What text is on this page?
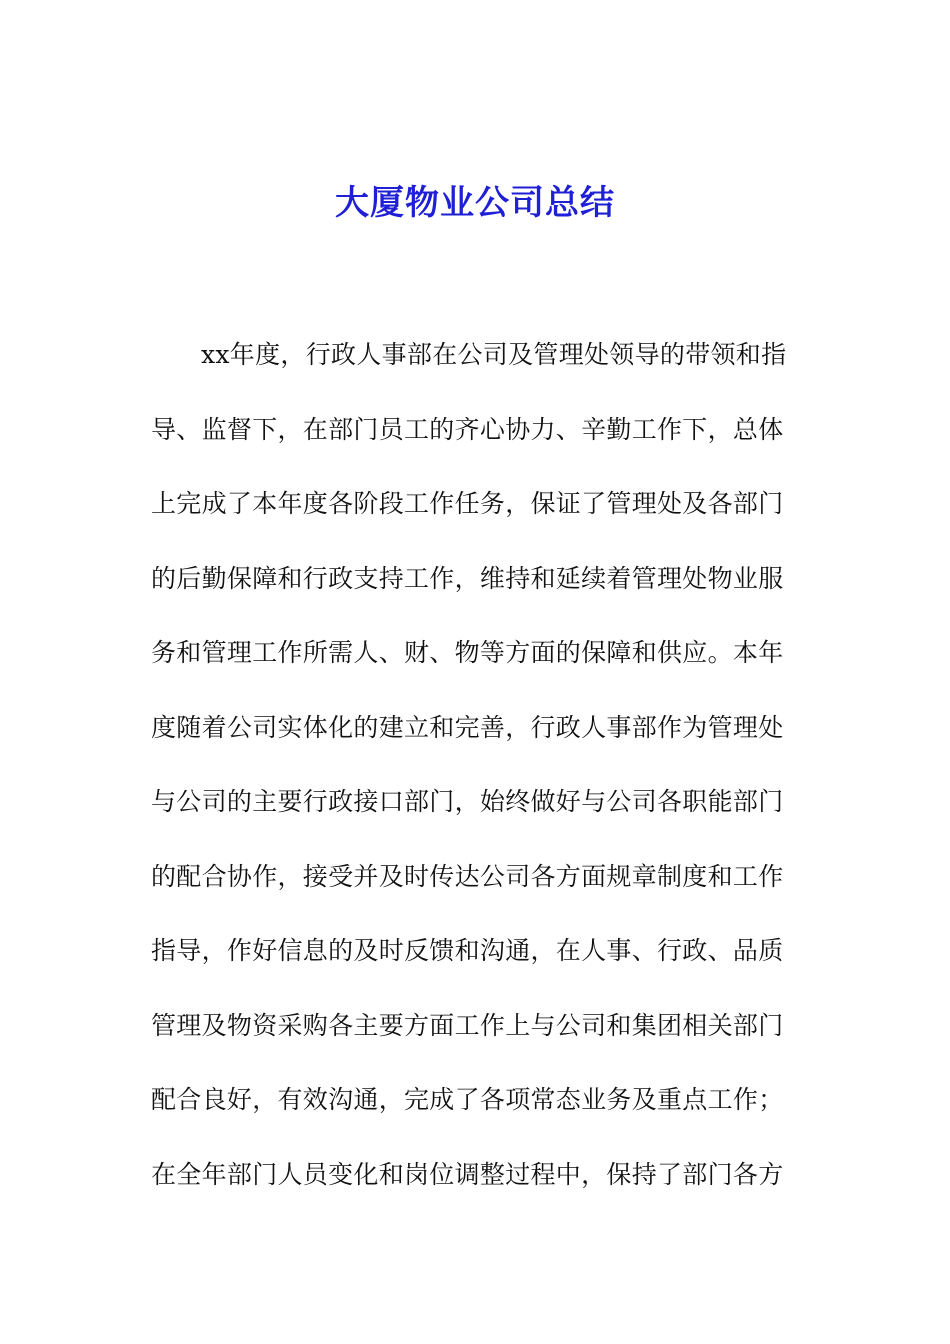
大厦物业公司总结
xx年度，行政人事部在公司及管理处领导的带领和指
导、监督下，在部门员工的齐心协力、辛勤工作下，总体
上完成了本年度各阶段工作任务，保证了管理处及各部门
的后勤保障和行政支持工作，维持和延续着管理处物业服
务和管理工作所需人、财、物等方面的保障和供应。本年
度随着公司实体化的建立和完善，行政人事部作为管理处
与公司的主要行政接口部门，始终做好与公司各职能部门
的配合协作，接受并及时传达公司各方面规章制度和工作
指导，作好信息的及时反馈和沟通，在人事、行政、品质
管理及物资采购各主要方面工作上与公司和集团相关部门
配合良好，有效沟通，完成了各项常态业务及重点工作；
在全年部门人员变化和岗位调整过程中，保持了部门各方
